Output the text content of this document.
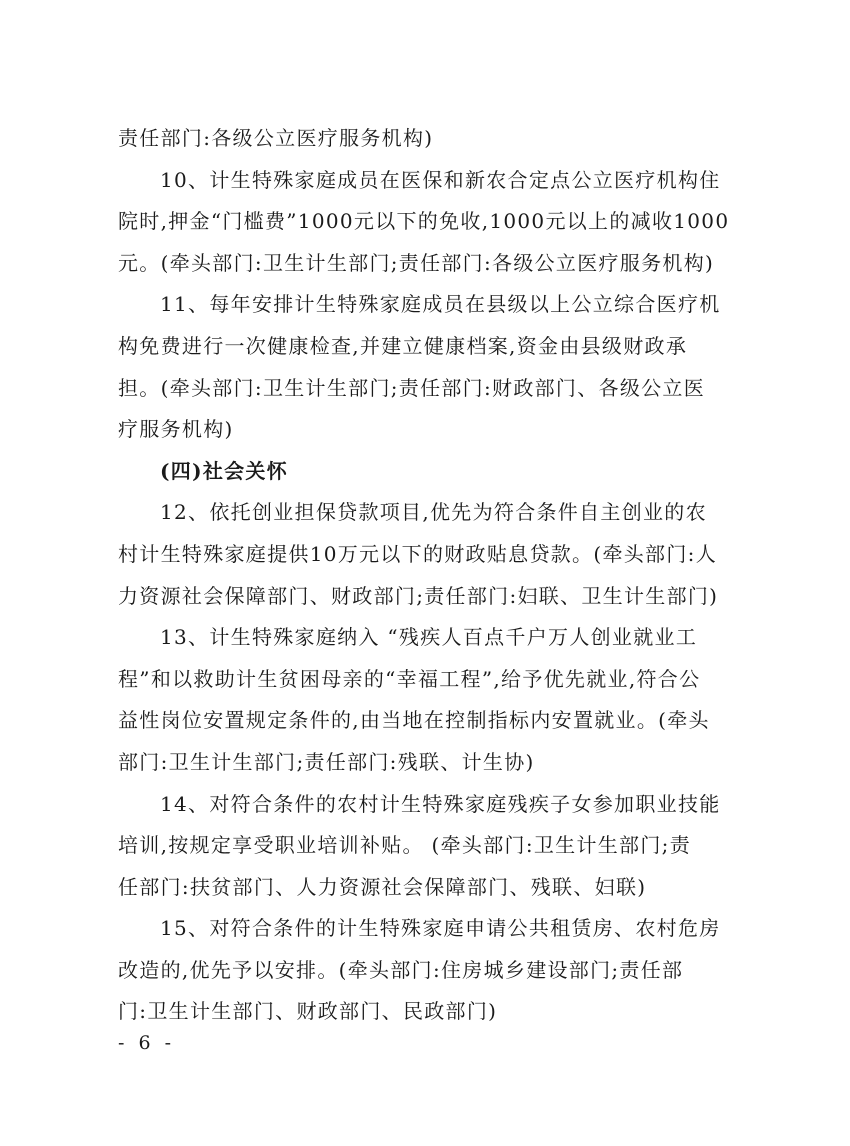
责任部门:各级公立医疗服务机构)
10、计生特殊家庭成员在医保和新农合定点公立医疗机构住
院时,押金“门槛费”1000元以下的免收,1000元以上的减收1000
元。(牵头部门:卫生计生部门;责任部门:各级公立医疗服务机构)
11、每年安排计生特殊家庭成员在县级以上公立综合医疗机
构免费进行一次健康检查,并建立健康档案,资金由县级财政承
担。(牵头部门:卫生计生部门;责任部门:财政部门、各级公立医
疗服务机构)
(四)社会关怀
12、依托创业担保贷款项目,优先为符合条件自主创业的农
村计生特殊家庭提供10万元以下的财政贴息贷款。(牵头部门:人
力资源社会保障部门、财政部门;责任部门:妇联、卫生计生部门)
13、计生特殊家庭纳入 “残疾人百点千户万人创业就业工
程”和以救助计生贫困母亲的“幸福工程”,给予优先就业,符合公
益性岗位安置规定条件的,由当地在控制指标内安置就业。(牵头
部门:卫生计生部门;责任部门:残联、计生协)
14、对符合条件的农村计生特殊家庭残疾子女参加职业技能
培训,按规定享受职业培训补贴。 (牵头部门:卫生计生部门;责
任部门:扶贫部门、人力资源社会保障部门、残联、妇联)
15、对符合条件的计生特殊家庭申请公共租赁房、农村危房
改造的,优先予以安排。(牵头部门:住房城乡建设部门;责任部
门:卫生计生部门、财政部门、民政部门)
- 6 -
